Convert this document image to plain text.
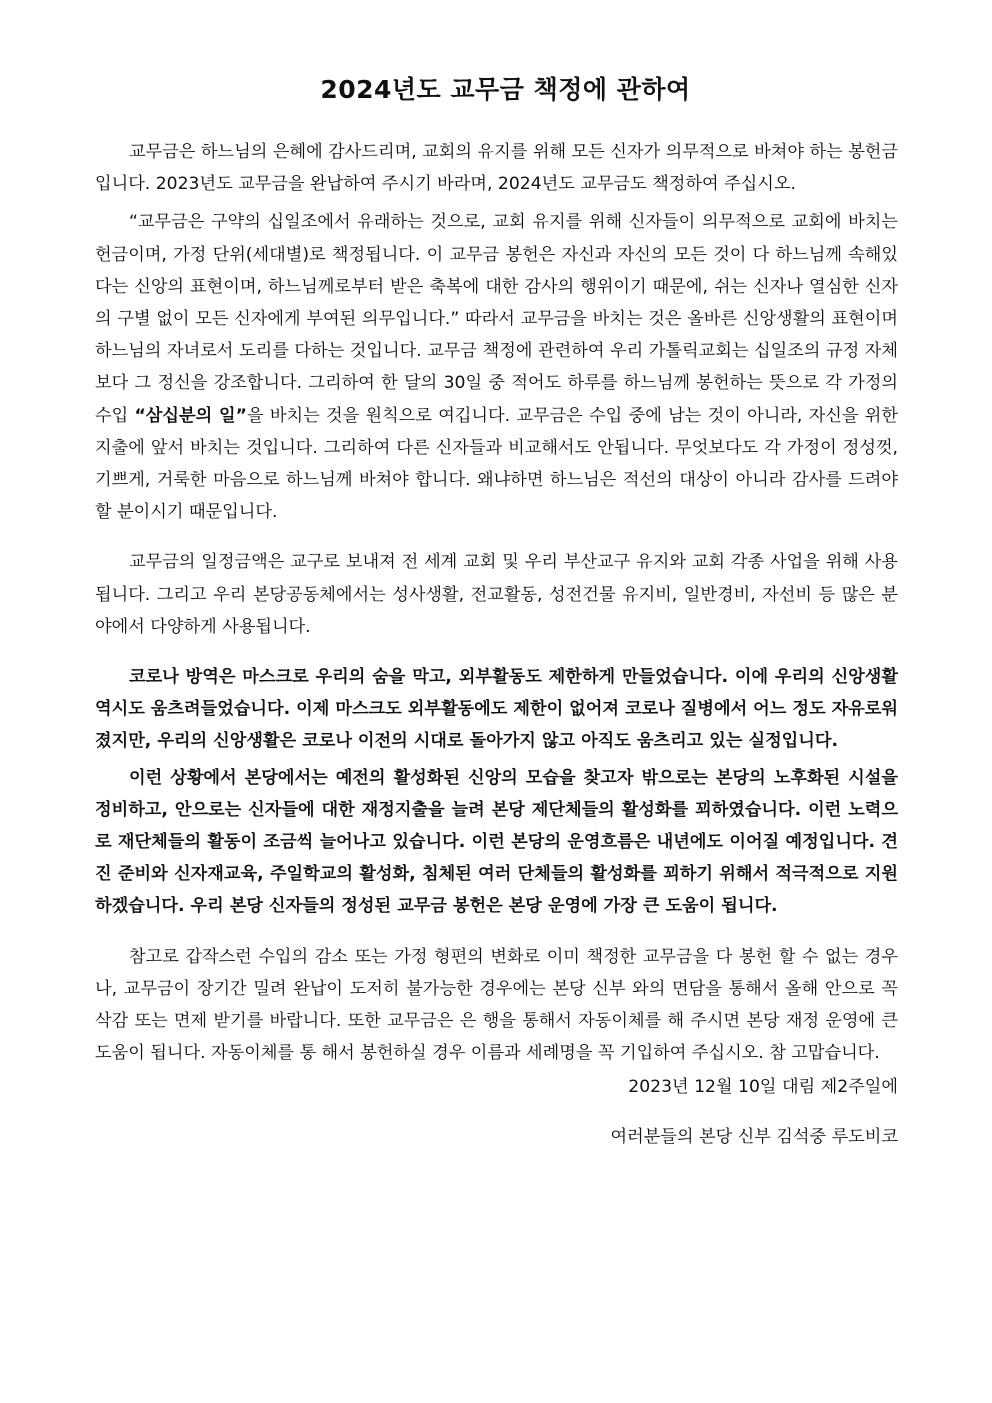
2024년도 교무금 책정에 관하여

교무금은 하느님의 은혜에 감사드리며, 교회의 유지를 위해 모든 신자가 의무적으로 바쳐야 하는 봉헌금입니다. 2023년도 교무금을 완납하여 주시기 바라며, 2024년도 교무금도 책정하여 주십시오.

“교무금은 구약의 십일조에서 유래하는 것으로, 교회 유지를 위해 신자들이 의무적으로 교회에 바치는 헌금이며, 가정 단위(세대별)로 책정됩니다. 이 교무금 봉헌은 자신과 자신의 모든 것이 다 하느님께 속해있다는 신앙의 표현이며, 하느님께로부터 받은 축복에 대한 감사의 행위이기 때문에, 쉬는 신자나 열심한 신자의 구별 없이 모든 신자에게 부여된 의무입니다.” 따라서 교무금을 바치는 것은 올바른 신앙생활의 표현이며 하느님의 자녀로서 도리를 다하는 것입니다. 교무금 책정에 관련하여 우리 가톨릭교회는 십일조의 규정 자체보다 그 정신을 강조합니다. 그리하여 한 달의 30일 중 적어도 하루를 하느님께 봉헌하는 뜻으로 각 가정의 수입 “삼십분의 일”을 바치는 것을 원칙으로 여깁니다. 교무금은 수입 중에 남는 것이 아니라, 자신을 위한 지출에 앞서 바치는 것입니다. 그리하여 다른 신자들과 비교해서도 안됩니다. 무엇보다도 각 가정이 정성껏, 기쁘게, 거룩한 마음으로 하느님께 바쳐야 합니다. 왜냐하면 하느님은 적선의 대상이 아니라 감사를 드려야 할 분이시기 때문입니다.

교무금의 일정금액은 교구로 보내져 전 세계 교회 및 우리 부산교구 유지와 교회 각종 사업을 위해 사용됩니다. 그리고 우리 본당공동체에서는 성사생활, 전교활동, 성전건물 유지비, 일반경비, 자선비 등 많은 분야에서 다양하게 사용됩니다.

코로나 방역은 마스크로 우리의 숨을 막고, 외부활동도 제한하게 만들었습니다. 이에 우리의 신앙생활 역시도 움츠려들었습니다. 이제 마스크도 외부활동에도 제한이 없어져 코로나 질병에서 어느 정도 자유로워졌지만, 우리의 신앙생활은 코로나 이전의 시대로 돌아가지 않고 아직도 움츠리고 있는 실정입니다.

이런 상황에서 본당에서는 예전의 활성화된 신앙의 모습을 찾고자 밖으로는 본당의 노후화된 시설을 정비하고, 안으로는 신자들에 대한 재정지출을 늘려 본당 제단체들의 활성화를 꾀하였습니다. 이런 노력으로 재단체들의 활동이 조금씩 늘어나고 있습니다. 이런 본당의 운영흐름은 내년에도 이어질 예정입니다. 견진 준비와 신자재교육, 주일학교의 활성화, 침체된 여러 단체들의 활성화를 꾀하기 위해서 적극적으로 지원하겠습니다. 우리 본당 신자들의 정성된 교무금 봉헌은 본당 운영에 가장 큰 도움이 됩니다.

참고로 갑작스런 수입의 감소 또는 가정 형편의 변화로 이미 책정한 교무금을 다 봉헌 할 수 없는 경우나, 교무금이 장기간 밀려 완납이 도저히 불가능한 경우에는 본당 신부 와의 면담을 통해서 올해 안으로 꼭 삭감 또는 면제 받기를 바랍니다. 또한 교무금은 은 행을 통해서 자동이체를 해 주시면 본당 재정 운영에 큰 도움이 됩니다. 자동이체를 통 해서 봉헌하실 경우 이름과 세례명을 꼭 기입하여 주십시오. 참 고맙습니다.

2023년 12월 10일 대림 제2주일에

여러분들의 본당 신부 김석중 루도비코
